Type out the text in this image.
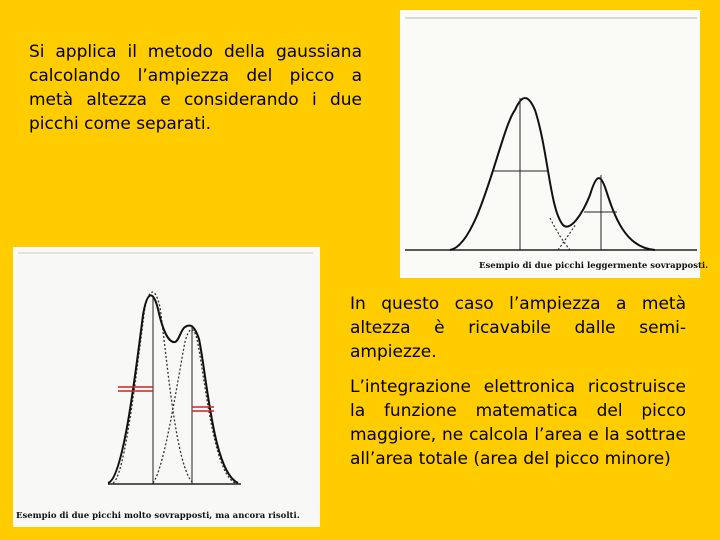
Si applica il metodo della gaussiana calcolando l’ampiezza del picco a metà altezza e considerando i due picchi come separati.

Esempio di due picchi leggermente sovrapposti.
Esempio di due picchi molto sovrapposti, ma ancora risolti.

In questo caso l’ampiezza a metà altezza è ricavabile dalle semi-ampiezze.

L’integrazione elettronica ricostruisce la funzione matematica del picco maggiore, ne calcola l’area e la sottrae all’area totale (area del picco minore)
